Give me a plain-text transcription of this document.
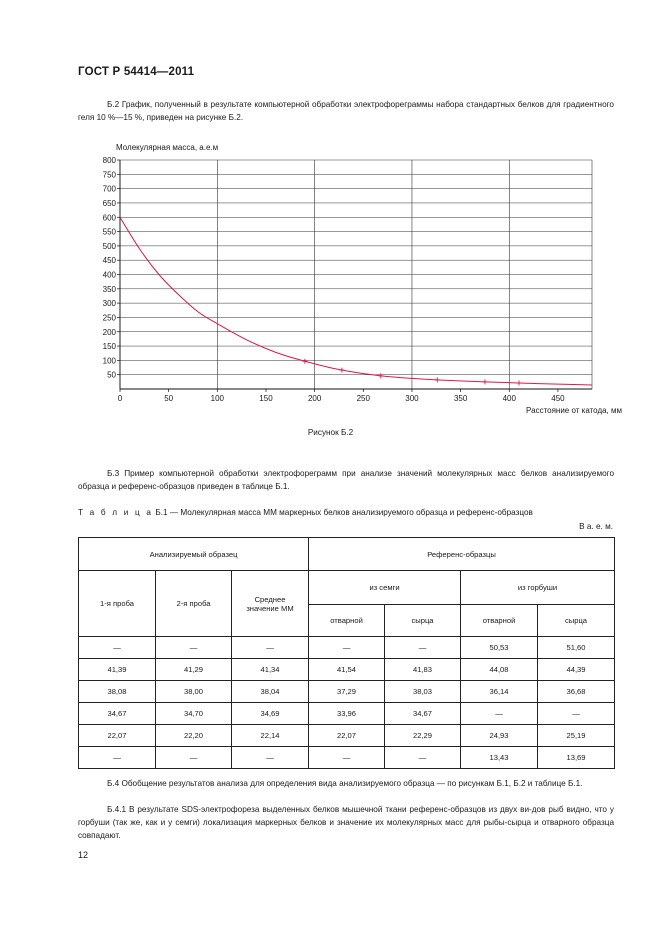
ГОСТ Р 54414—2011
Б.2 График, полученный в результате компьютерной обработки электрофореграммы набора стандартных белков для градиентного геля 10 %—15 %, приведен на рисунке Б.2.
50
100
150
200
250
300
350
400
450
500
550
600
650
700
750
800
0	50	100	150	200	250	300	350	400	450
Молекулярная масса, а.е.м
Расстояние от катода, мм
Рисунок Б.2
Б.3 Пример компьютерной обработки электрофореграмм при анализе значений молекулярных масс белков анализируемого образца и референс-образцов приведен в таблице Б.1.
Т а б л и ц а Б.1 — Молекулярная масса ММ маркерных белков анализируемого образца и референс-образцов
В а. е. м.
Анализируемый образец			Референс-образцы			
1-я проба	2-я проба	Среднее значение ММ	из семги		из горбуши	
			отварной	сырца	отварной	сырца
—	—	—	—	—	50,53	51,60
41,39	41,29	41,34	41,54	41,83	44,08	44,39
38,08	38,00	38,04	37,29	38,03	36,14	36,68
34,67	34,70	34,69	33,96	34,67	—	—
22,07	22,20	22,14	22,07	22,29	24,93	25,19
—	—	—	—	—	13,43	13,69
Б.4 Обобщение результатов анализа для определения вида анализируемого образца — по рисункам Б.1, Б.2 и таблице Б.1.
Б.4.1 В результате SDS-электрофореза выделенных белков мышечной ткани референс-образцов из двух ви-дов рыб видно, что у горбуши (так же, как и у семги) локализация маркерных белков и значение их молекулярных масс для рыбы-сырца и отварного образца совпадают.
12
